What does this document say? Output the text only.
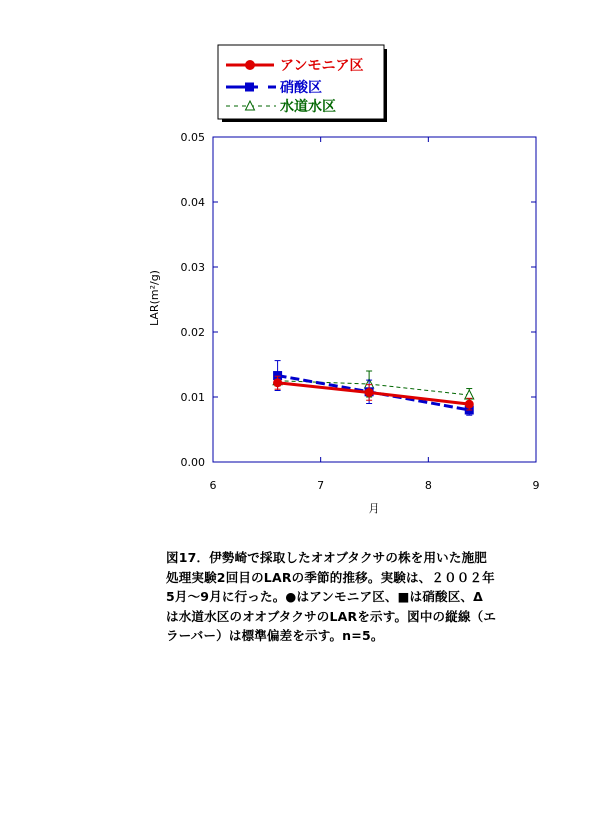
アンモニア区
硝酸区
水道水区
0.00
0.01
0.02
0.03
0.04
0.05
6	7	8	9
LAR(m²/g)
月
図17．伊勢崎で採取したオオブタクサの株を用いた施肥
処理実験2回目のLARの季節的推移。実験は、２００２年
5月～9月に行った。●はアンモニア区、■は硝酸区、Δ
は水道水区のオオブタクサのLARを示す。図中の縦線（エ
ラーバー）は標準偏差を示す。n=5。
